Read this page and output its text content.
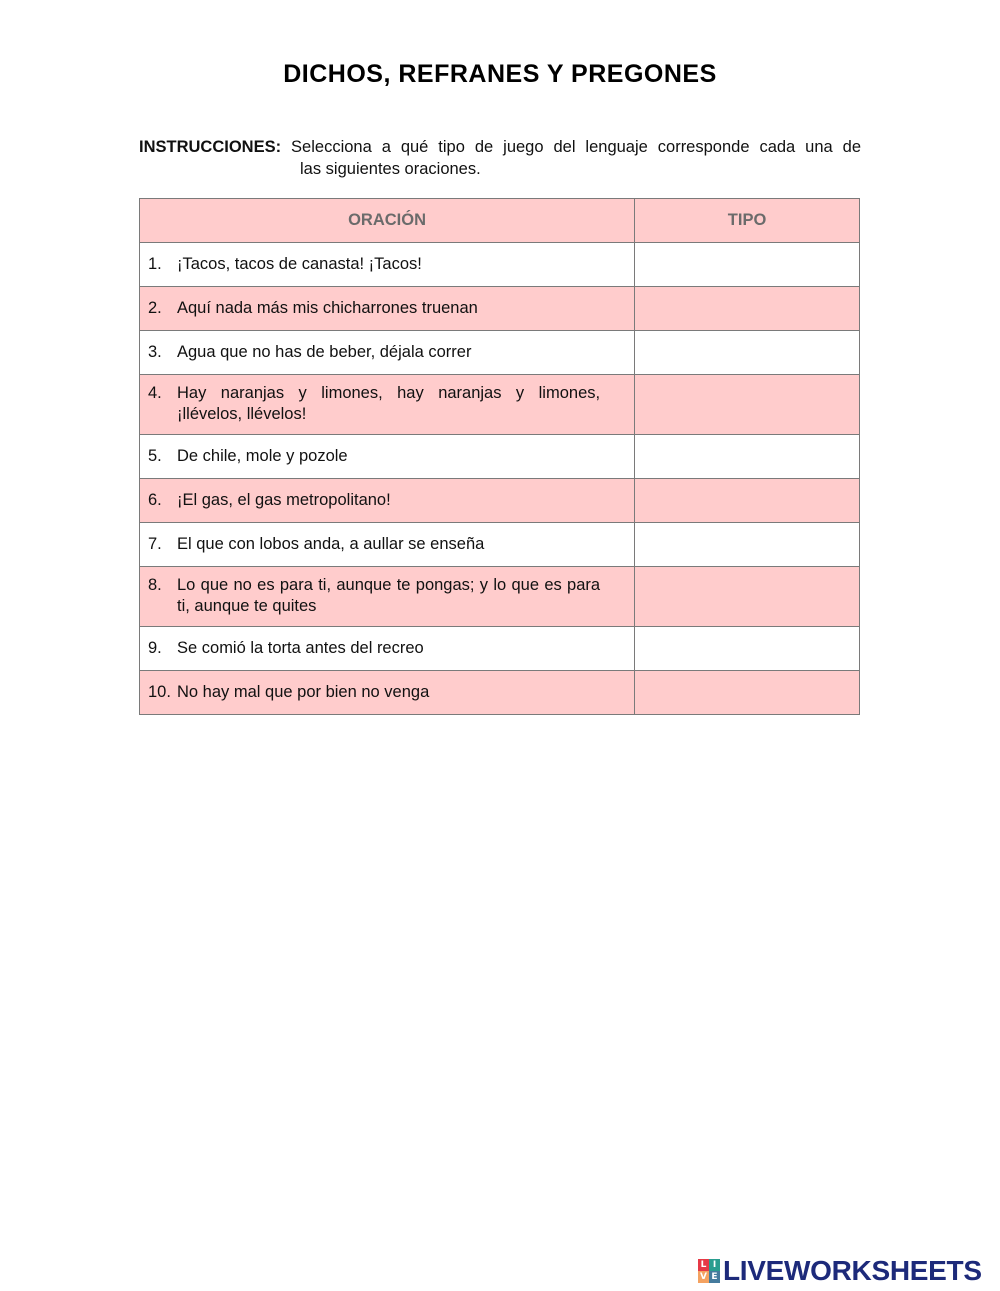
DICHOS, REFRANES Y PREGONES
INSTRUCCIONES: Selecciona a qué tipo de juego del lenguaje corresponde cada una de
las siguientes oraciones.
ORACIÓN	TIPO

1. ¡Tacos, tacos de canasta! ¡Tacos!	

2. Aquí nada más mis chicharrones truenan	

3. Agua que no has de beber, déjala correr	

4. Hay naranjas y limones, hay naranjas y limones, ¡llévelos, llévelos!	

5. De chile, mole y pozole	

6. ¡El gas, el gas metropolitano!	

7. El que con lobos anda, a aullar se enseña	

8. Lo que no es para ti, aunque te pongas; y lo que es para ti, aunque te quites	

9. Se comió la torta antes del recreo	

10. No hay mal que por bien no venga	

L I
V E LIVEWORKSHEETS
